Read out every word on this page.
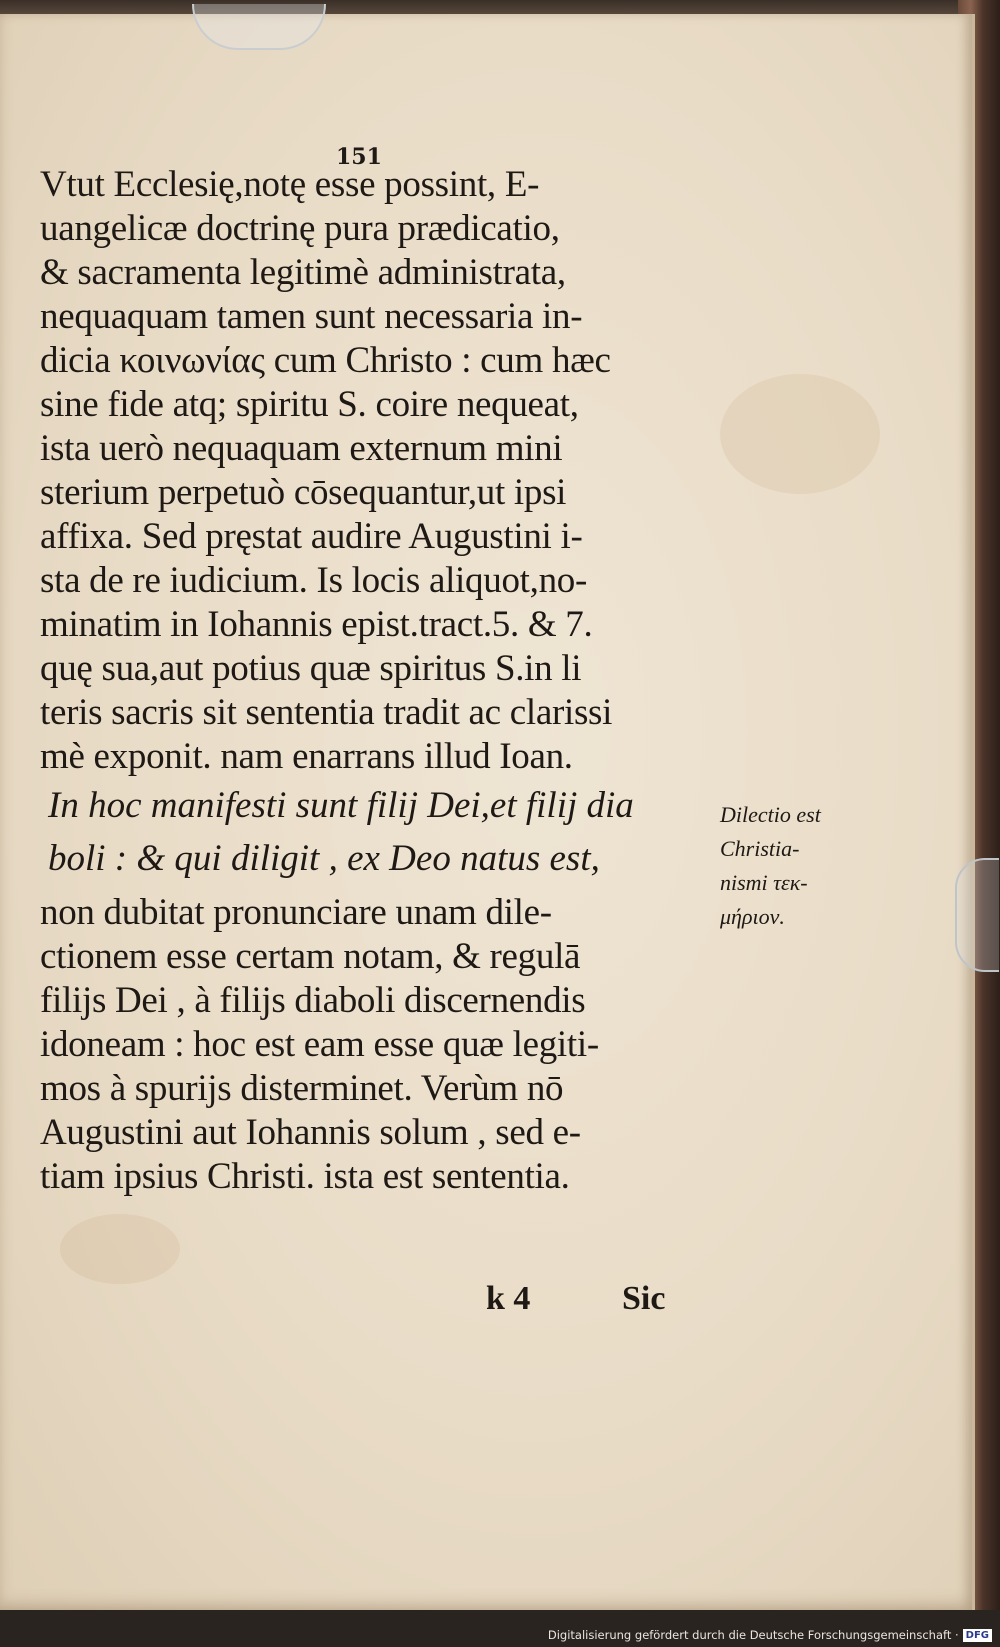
151
Vtut Ecclesię,notę esse possint, E-
uangelicæ doctrinę pura prædicatio,
& sacramenta legitimè administrata,
nequaquam tamen sunt necessaria in-
dicia κοινωνίας cum Christo : cum hæc
sine fide atq; spiritu S. coire nequeat,
ista uerò nequaquam externum mini
sterium perpetuò cōsequantur,ut ipsi
affixa. Sed pręstat audire Augustini i-
sta de re iudicium. Is locis aliquot,no-
minatim in Iohannis epist.tract.5. & 7.
quę sua,aut potius quæ spiritus S.in li
teris sacris sit sententia tradit ac clarissi
mè exponit. nam enarrans illud Ioan.
In hoc manifesti sunt filij Dei,et filij dia
boli : & qui diligit , ex Deo natus est,
non dubitat pronunciare unam dile-
ctionem esse certam notam, & regulā
filijs Dei , à filijs diaboli discernendis
idoneam : hoc est eam esse quæ legiti-
mos à spurijs disterminet. Verùm nō
Augustini aut Iohannis solum , sed e-
tiam ipsius Christi. ista est sententia.
Dilectio est
Christia-
nismi τεκ-
μήριον.
k 4	Sic
Digitalisierung gefördert durch die Deutsche Forschungsgemeinschaft · DFG
